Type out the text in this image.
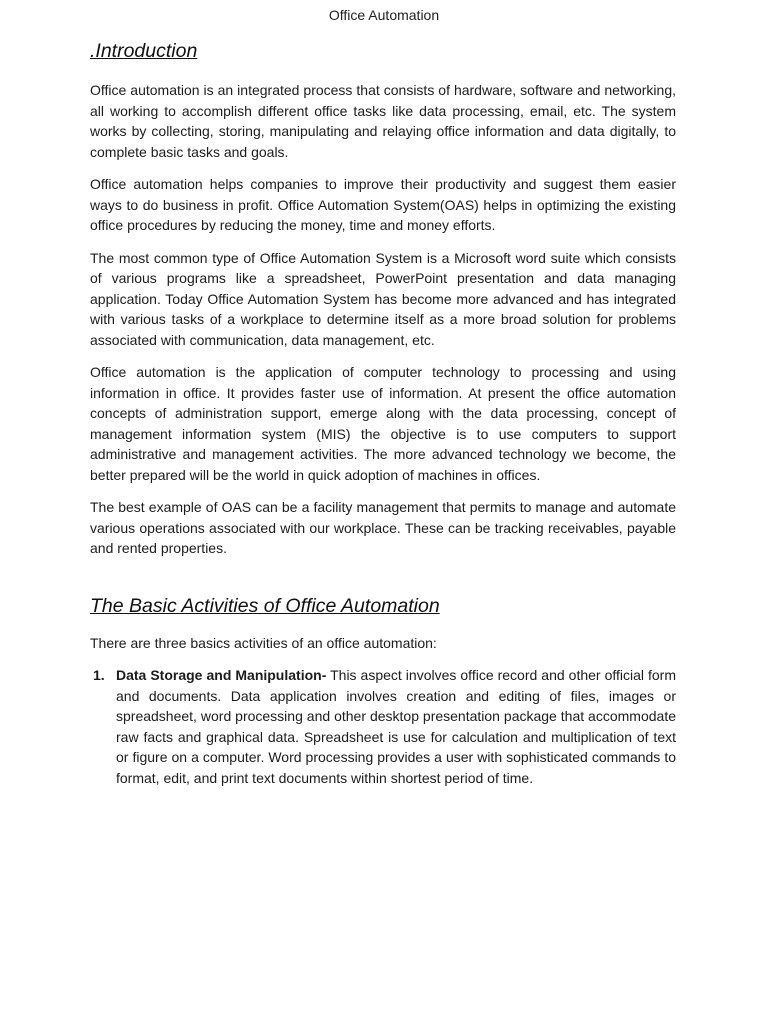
Office Automation
.Introduction

Office automation is an integrated process that consists of hardware, software and networking, all working to accomplish different office tasks like data processing, email, etc. The system works by collecting, storing, manipulating and relaying office information and data digitally, to complete basic tasks and goals.

Office automation helps companies to improve their productivity and suggest them easier ways to do business in profit. Office Automation System(OAS) helps in optimizing the existing office procedures by reducing the money, time and money efforts.

The most common type of Office Automation System is a Microsoft word suite which consists of various programs like a spreadsheet, PowerPoint presentation and data managing application. Today Office Automation System has become more advanced and has integrated with various tasks of a workplace to determine itself as a more broad solution for problems associated with communication, data management, etc.

Office automation is the application of computer technology to processing and using information in office. It provides faster use of information. At present the office automation concepts of administration support, emerge along with the data processing, concept of management information system (MIS) the objective is to use computers to support administrative and management activities. The more advanced technology we become, the better prepared will be the world in quick adoption of machines in offices.

The best example of OAS can be a facility management that permits to manage and automate various operations associated with our workplace. These can be tracking receivables, payable and rented properties.

The Basic Activities of Office Automation

There are three basics activities of an office automation:

1. Data Storage and Manipulation- This aspect involves office record and other official form and documents. Data application involves creation and editing of files, images or spreadsheet, word processing and other desktop presentation package that accommodate raw facts and graphical data. Spreadsheet is use for calculation and multiplication of text or figure on a computer. Word processing provides a user with sophisticated commands to format, edit, and print text documents within shortest period of time.
